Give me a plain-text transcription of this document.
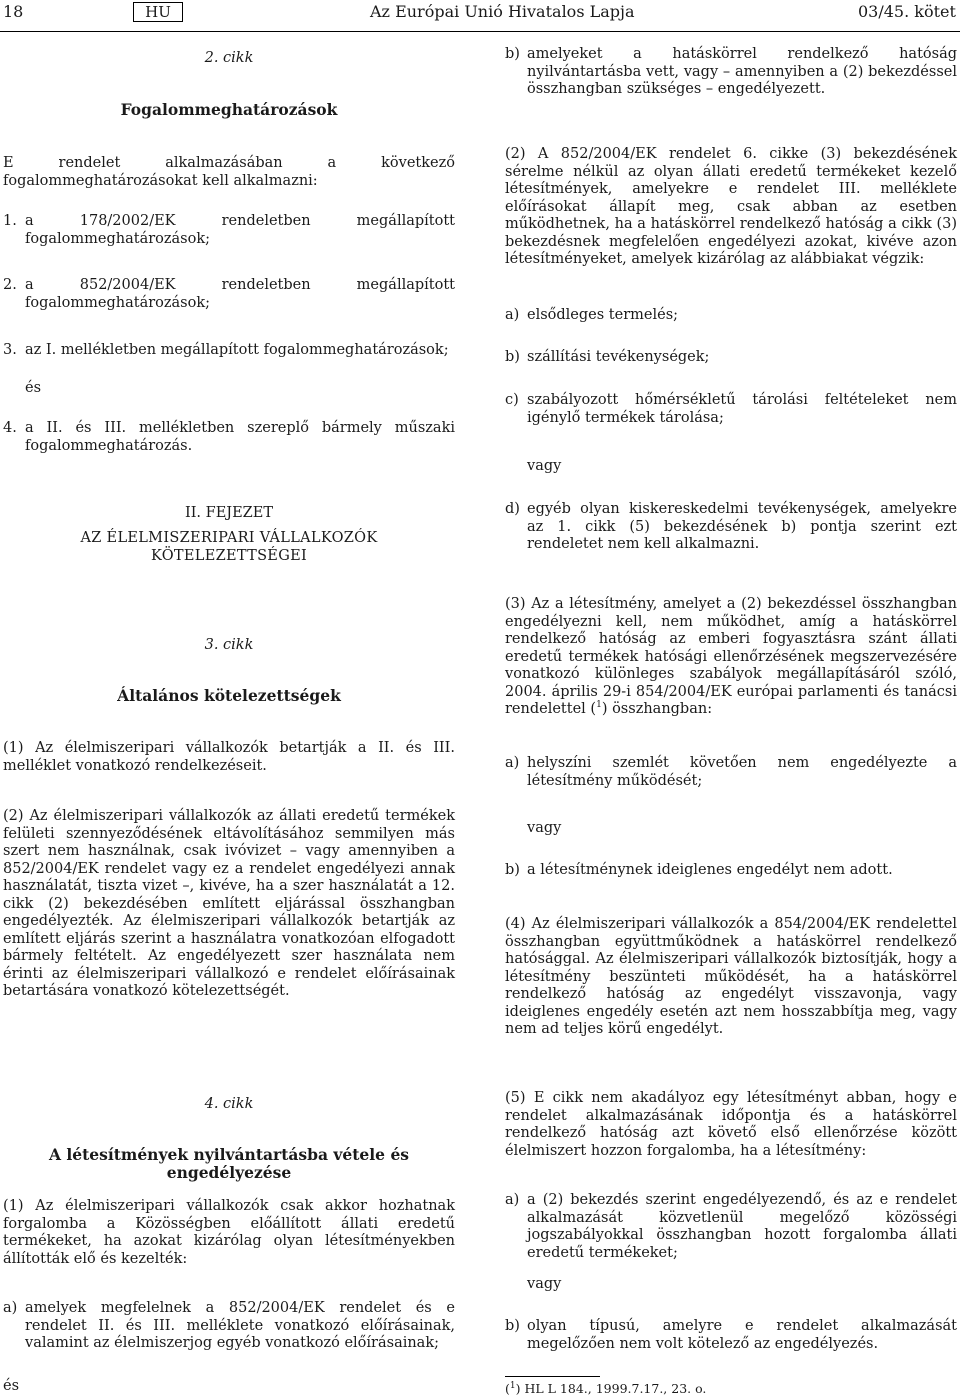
18	HU	Az Európai Unió Hivatalos Lapja	03/45. kötet
2. cikk
Fogalommeghatározások
E rendelet alkalmazásában a következő fogalommeghatározásokat kell alkalmazni:
1. a 178/2002/EK rendeletben megállapított fogalommeghatározások;
2. a 852/2004/EK rendeletben megállapított fogalommeghatározások;
3. az I. mellékletben megállapított fogalommeghatározások;
és
4. a II. és III. mellékletben szereplő bármely műszaki fogalommeghatározás.
II. FEJEZET
AZ ÉLELMISZERIPARI VÁLLALKOZÓK KÖTELEZETTSÉGEI
3. cikk
Általános kötelezettségek
(1) Az élelmiszeripari vállalkozók betartják a II. és III. melléklet vonatkozó rendelkezéseit.
(2) Az élelmiszeripari vállalkozók az állati eredetű termékek felületi szennyeződésének eltávolításához semmilyen más szert nem használnak, csak ivóvizet – vagy amennyiben a 852/2004/EK rendelet vagy ez a rendelet engedélyezi annak használatát, tiszta vizet –, kivéve, ha a szer használatát a 12. cikk (2) bekezdésében említett eljárással összhangban engedélyezték. Az élelmiszeripari vállalkozók betartják az említett eljárás szerint a használatra vonatkozóan elfogadott bármely feltételt. Az engedélyezett szer használata nem érinti az élelmiszeripari vállalkozó e rendelet előírásainak betartására vonatkozó kötelezettségét.
4. cikk
A létesítmények nyilvántartásba vétele és engedélyezése
(1) Az élelmiszeripari vállalkozók csak akkor hozhatnak forgalomba a Közösségben előállított állati eredetű termékeket, ha azokat kizárólag olyan létesítményekben állították elő és kezelték:
a) amelyek megfelelnek a 852/2004/EK rendelet és e rendelet II. és III. melléklete vonatkozó előírásainak, valamint az élelmiszerjog egyéb vonatkozó előírásainak;
és
b) amelyeket a hatáskörrel rendelkező hatóság nyilvántartásba vett, vagy – amennyiben a (2) bekezdéssel összhangban szükséges – engedélyezett.
(2) A 852/2004/EK rendelet 6. cikke (3) bekezdésének sérelme nélkül az olyan állati eredetű termékeket kezelő létesítmények, amelyekre e rendelet III. melléklete előírásokat állapít meg, csak abban az esetben működhetnek, ha a hatáskörrel rendelkező hatóság a cikk (3) bekezdésnek megfelelően engedélyezi azokat, kivéve azon létesítményeket, amelyek kizárólag az alábbiakat végzik:
a) elsődleges termelés;
b) szállítási tevékenységek;
c) szabályozott hőmérsékletű tárolási feltételeket nem igénylő termékek tárolása;
vagy
d) egyéb olyan kiskereskedelmi tevékenységek, amelyekre az 1. cikk (5) bekezdésének b) pontja szerint ezt rendeletet nem kell alkalmazni.
(3) Az a létesítmény, amelyet a (2) bekezdéssel összhangban engedélyezni kell, nem működhet, amíg a hatáskörrel rendelkező hatóság az emberi fogyasztásra szánt állati eredetű termékek hatósági ellenőrzésének megszervezésére vonatkozó különleges szabályok megállapításáról szóló, 2004. április 29-i 854/2004/EK európai parlamenti és tanácsi rendelettel ($^1$) összhangban:
a) helyszíni szemlét követően nem engedélyezte a létesítmény működését;
vagy
b) a létesítménynek ideiglenes engedélyt nem adott.
(4) Az élelmiszeripari vállalkozók a 854/2004/EK rendelettel összhangban együttműködnek a hatáskörrel rendelkező hatósággal. Az élelmiszeripari vállalkozók biztosítják, hogy a létesítmény beszünteti működését, ha a hatáskörrel rendelkező hatóság az engedélyt visszavonja, vagy ideiglenes engedély esetén azt nem hosszabbítja meg, vagy nem ad teljes körű engedélyt.
(5) E cikk nem akadályoz egy létesítményt abban, hogy e rendelet alkalmazásának időpontja és a hatáskörrel rendelkező hatóság azt követő első ellenőrzése között élelmiszert hozzon forgalomba, ha a létesítmény:
a) a (2) bekezdés szerint engedélyezendő, és az e rendelet alkalmazását közvetlenül megelőző közösségi jogszabályokkal összhangban hozott forgalomba állati eredetű termékeket;
vagy
b) olyan típusú, amelyre e rendelet alkalmazását megelőzően nem volt kötelező az engedélyezés.
($^1$) HL L 184., 1999.7.17., 23. o.
